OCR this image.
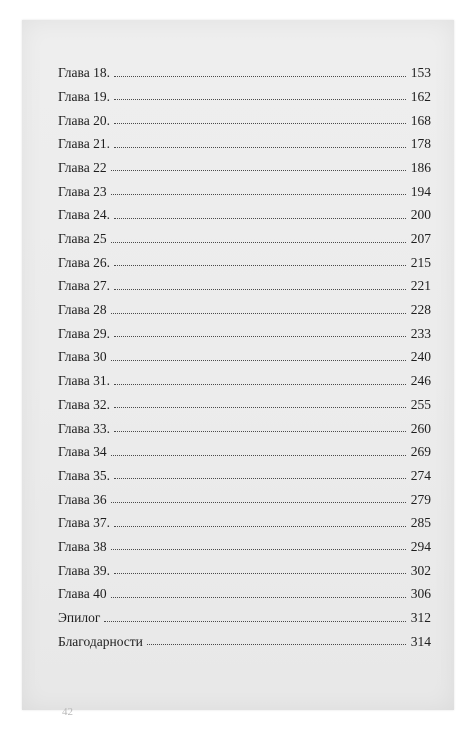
42
Глава 18.	153
Глава 19.	162
Глава 20.	168
Глава 21.	178
Глава 22	186
Глава 23	194
Глава 24.	200
Глава 25	207
Глава 26.	215
Глава 27.	221
Глава 28	228
Глава 29.	233
Глава 30	240
Глава 31.	246
Глава 32.	255
Глава 33.	260
Глава 34	269
Глава 35.	274
Глава 36	279
Глава 37.	285
Глава 38	294
Глава 39.	302
Глава 40	306
Эпилог	312
Благодарности	314
